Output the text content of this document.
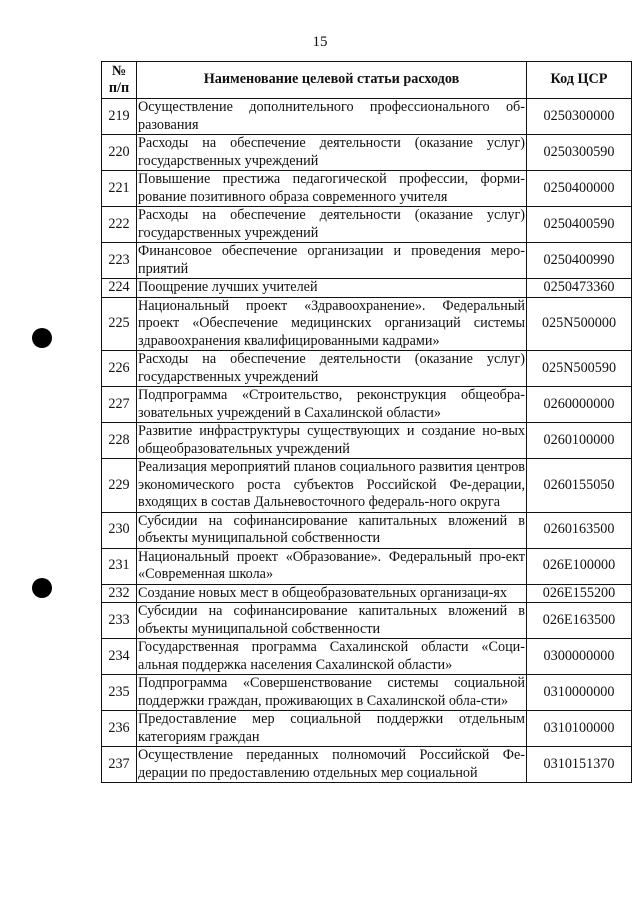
15
№
п/п	Наименование целевой статьи расходов	Код ЦСР
219	Осуществление дополнительного профессионального об-разования	0250300000
220	Расходы на обеспечение деятельности (оказание услуг) государственных учреждений	0250300590
221	Повышение престижа педагогической профессии, форми-рование позитивного образа современного учителя	0250400000
222	Расходы на обеспечение деятельности (оказание услуг) государственных учреждений	0250400590
223	Финансовое обеспечение организации и проведения меро-приятий	0250400990
224	Поощрение лучших учителей	0250473360
225	Национальный проект «Здравоохранение». Федеральный проект «Обеспечение медицинских организаций системы здравоохранения квалифицированными кадрами»	025N500000
226	Расходы на обеспечение деятельности (оказание услуг) государственных учреждений	025N500590
227	Подпрограмма «Строительство, реконструкция общеобра-зовательных учреждений в Сахалинской области»	0260000000
228	Развитие инфраструктуры существующих и создание но-вых общеобразовательных учреждений	0260100000
229	Реализация мероприятий планов социального развития центров экономического роста субъектов Российской Фе-дерации, входящих в состав Дальневосточного федераль-ного округа	0260155050
230	Субсидии на софинансирование капитальных вложений в объекты муниципальной собственности	0260163500
231	Национальный проект «Образование». Федеральный про-ект «Современная школа»	026E100000
232	Создание новых мест в общеобразовательных организаци-ях	026E155200
233	Субсидии на софинансирование капитальных вложений в объекты муниципальной собственности	026E163500
234	Государственная программа Сахалинской области «Соци-альная поддержка населения Сахалинской области»	0300000000
235	Подпрограмма «Совершенствование системы социальной поддержки граждан, проживающих в Сахалинской обла-сти»	0310000000
236	Предоставление мер социальной поддержки отдельным категориям граждан	0310100000
237	Осуществление переданных полномочий Российской Фе-дерации по предоставлению отдельных мер социальной	0310151370
